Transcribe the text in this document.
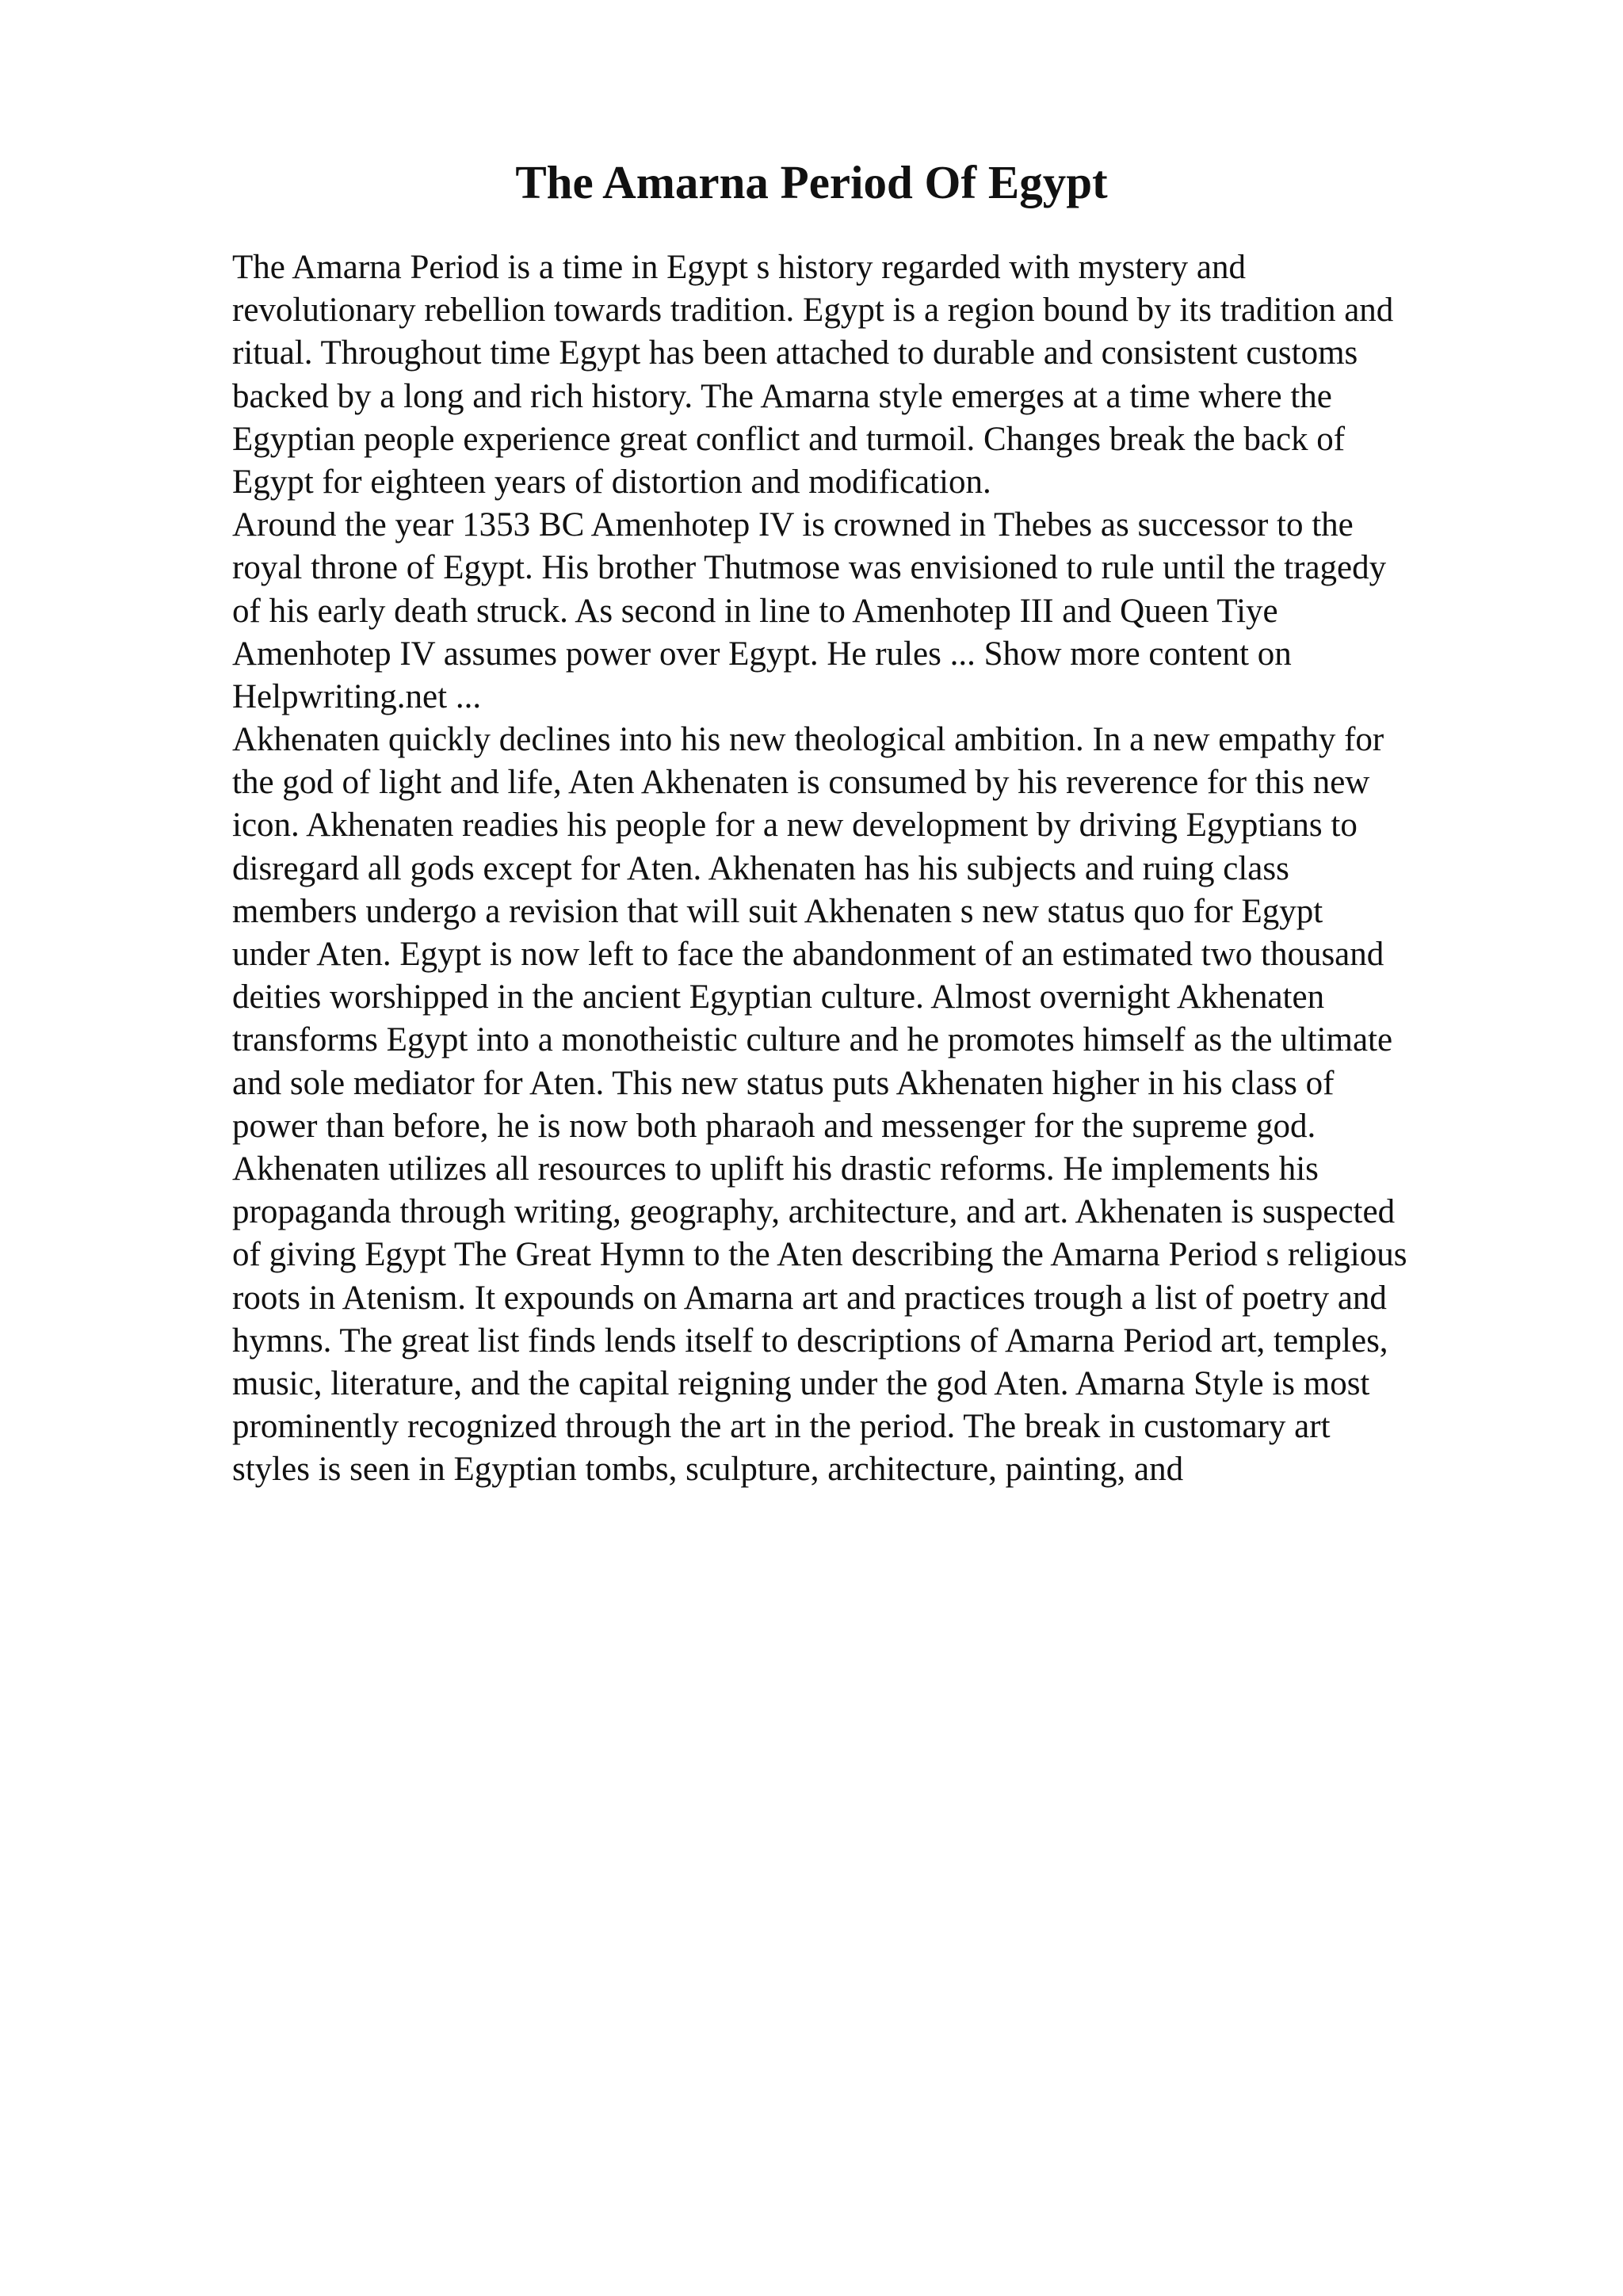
The Amarna Period Of Egypt
The Amarna Period is a time in Egypt s history regarded with mystery and
revolutionary rebellion towards tradition. Egypt is a region bound by its tradition and
ritual. Throughout time Egypt has been attached to durable and consistent customs
backed by a long and rich history. The Amarna style emerges at a time where the
Egyptian people experience great conflict and turmoil. Changes break the back of
Egypt for eighteen years of distortion and modification.
Around the year 1353 BC Amenhotep IV is crowned in Thebes as successor to the
royal throne of Egypt. His brother Thutmose was envisioned to rule until the tragedy
of his early death struck. As second in line to Amenhotep III and Queen Tiye
Amenhotep IV assumes power over Egypt. He rules ... Show more content on
Helpwriting.net ...
Akhenaten quickly declines into his new theological ambition. In a new empathy for
the god of light and life, Aten Akhenaten is consumed by his reverence for this new
icon. Akhenaten readies his people for a new development by driving Egyptians to
disregard all gods except for Aten. Akhenaten has his subjects and ruing class
members undergo a revision that will suit Akhenaten s new status quo for Egypt
under Aten. Egypt is now left to face the abandonment of an estimated two thousand
deities worshipped in the ancient Egyptian culture. Almost overnight Akhenaten
transforms Egypt into a monotheistic culture and he promotes himself as the ultimate
and sole mediator for Aten. This new status puts Akhenaten higher in his class of
power than before, he is now both pharaoh and messenger for the supreme god.
Akhenaten utilizes all resources to uplift his drastic reforms. He implements his
propaganda through writing, geography, architecture, and art. Akhenaten is suspected
of giving Egypt The Great Hymn to the Aten describing the Amarna Period s religious
roots in Atenism. It expounds on Amarna art and practices trough a list of poetry and
hymns. The great list finds lends itself to descriptions of Amarna Period art, temples,
music, literature, and the capital reigning under the god Aten. Amarna Style is most
prominently recognized through the art in the period. The break in customary art
styles is seen in Egyptian tombs, sculpture, architecture, painting, and
